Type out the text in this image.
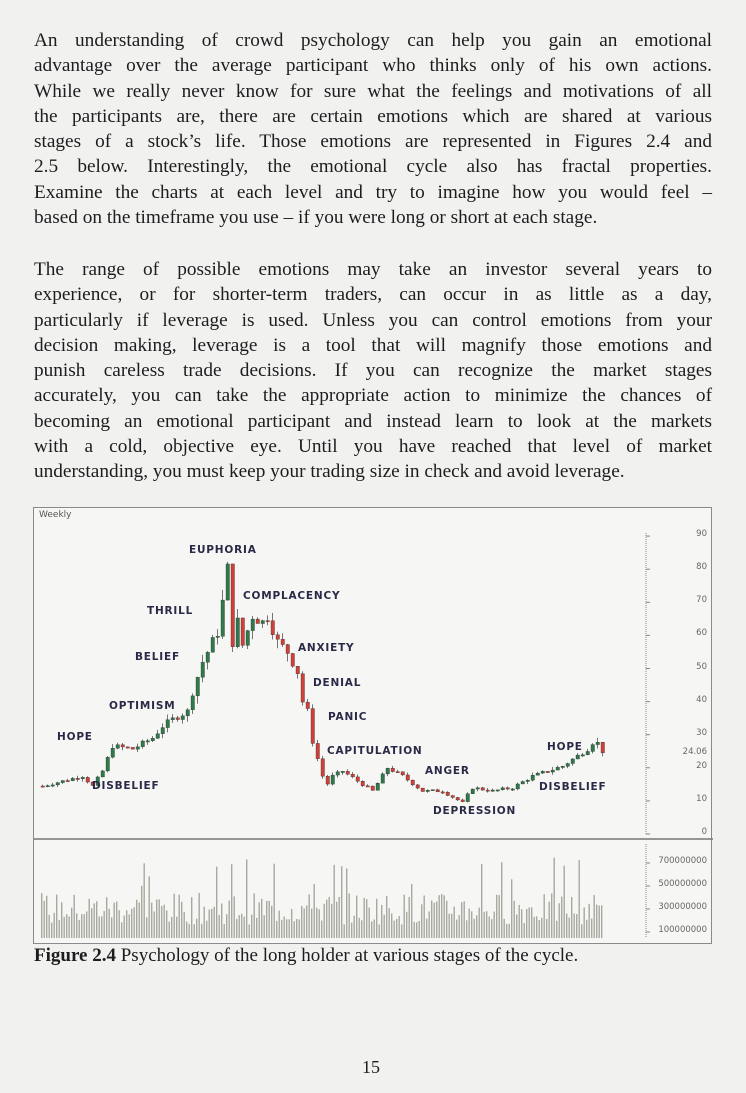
An understanding of crowd psychology can help you gain an emotional
advantage over the average participant who thinks only of his own actions.
While we really never know for sure what the feelings and motivations of all
the participants are, there are certain emotions which are shared at various
stages of a stock’s life. Those emotions are represented in Figures 2.4 and
2.5 below. Interestingly, the emotional cycle also has fractal properties.
Examine the charts at each level and try to imagine how you would feel –
based on the timeframe you use – if you were long or short at each stage.
The range of possible emotions may take an investor several years to
experience, or for shorter-term traders, can occur in as little as a day,
particularly if leverage is used. Unless you can control emotions from your
decision making, leverage is a tool that will magnify those emotions and
punish careless trade decisions. If you can recognize the market stages
accurately, you can take the appropriate action to minimize the chances of
becoming an emotional participant and instead learn to look at the markets
with a cold, objective eye. Until you have reached that level of market
understanding, you must keep your trading size in check and avoid leverage.
Weekly
EUPHORIA
COMPLACENCY
THRILL
ANXIETY
BELIEF
DENIAL
OPTIMISM
PANIC
HOPE
CAPITULATION	HOPE
ANGER
DISBELIEF	DISBELIEF
DEPRESSION
0
10
20
30
40
50
60
70
80
90
24.06
700000000
500000000
300000000
100000000
Figure 2.4 Psychology of the long holder at various stages of the cycle.
15
